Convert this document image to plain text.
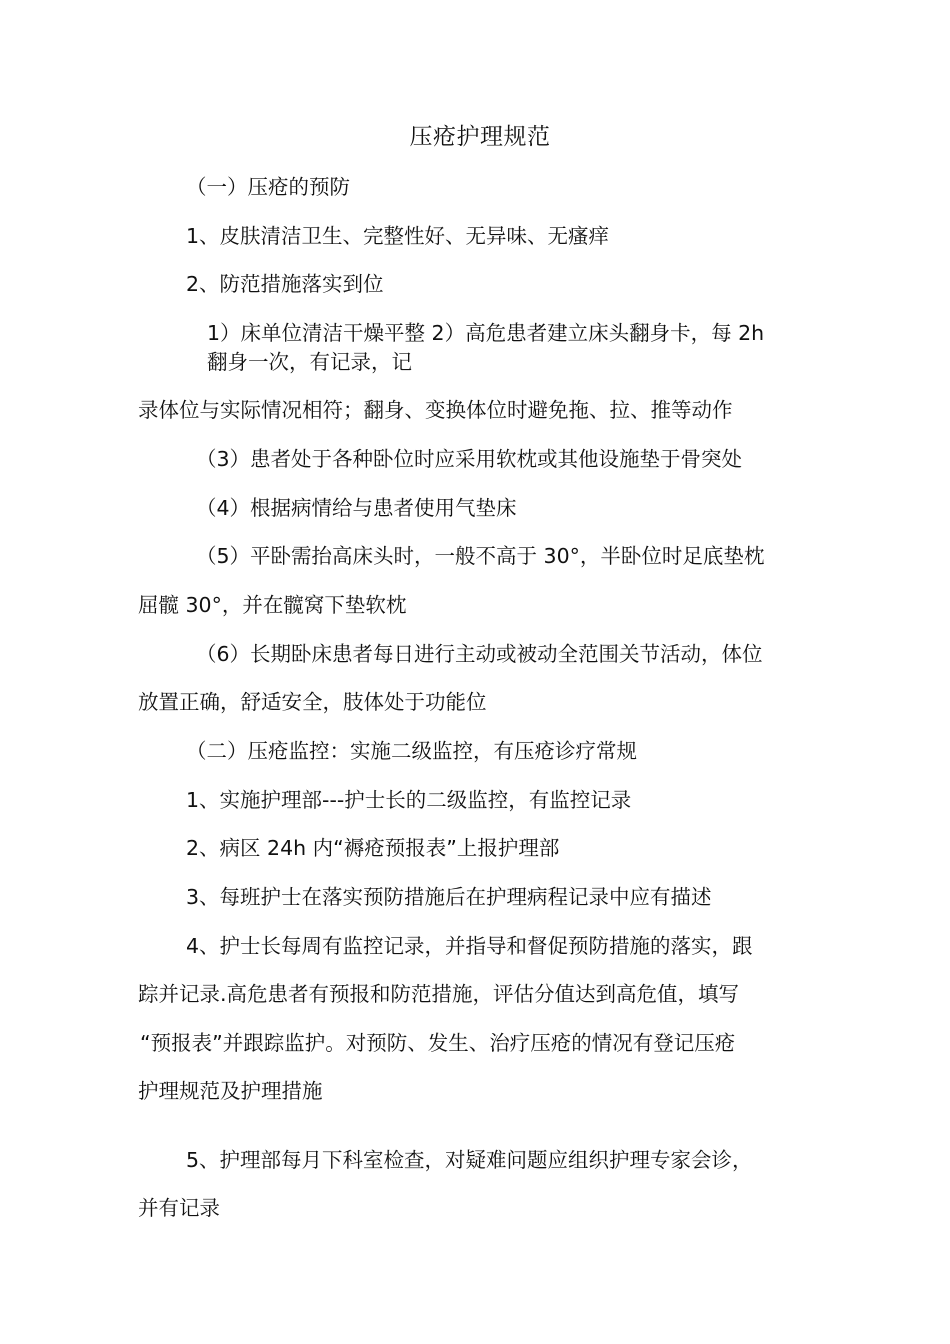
压疮护理规范
（一）压疮的预防
1、皮肤清洁卫生、完整性好、无异味、无瘙痒
2、防范措施落实到位
1）床单位清洁干燥平整 2）高危患者建立床头翻身卡，每 2h
翻身一次，有记录，记
录体位与实际情况相符；翻身、变换体位时避免拖、拉、推等动作
（3）患者处于各种卧位时应采用软枕或其他设施垫于骨突处
（4）根据病情给与患者使用气垫床
（5）平卧需抬高床头时，一般不高于 30°，半卧位时足底垫枕
屈髋 30°，并在髋窝下垫软枕
（6）长期卧床患者每日进行主动或被动全范围关节活动，体位
放置正确，舒适安全，肢体处于功能位
（二）压疮监控：实施二级监控，有压疮诊疗常规
1、实施护理部---护士长的二级监控，有监控记录
2、病区 24h 内“褥疮预报表”上报护理部
3、每班护士在落实预防措施后在护理病程记录中应有描述
4、护士长每周有监控记录，并指导和督促预防措施的落实，跟
踪并记录.高危患者有预报和防范措施，评估分值达到高危值，填写
“预报表”并跟踪监护。对预防、发生、治疗压疮的情况有登记压疮
护理规范及护理措施
5、护理部每月下科室检查，对疑难问题应组织护理专家会诊，
并有记录
